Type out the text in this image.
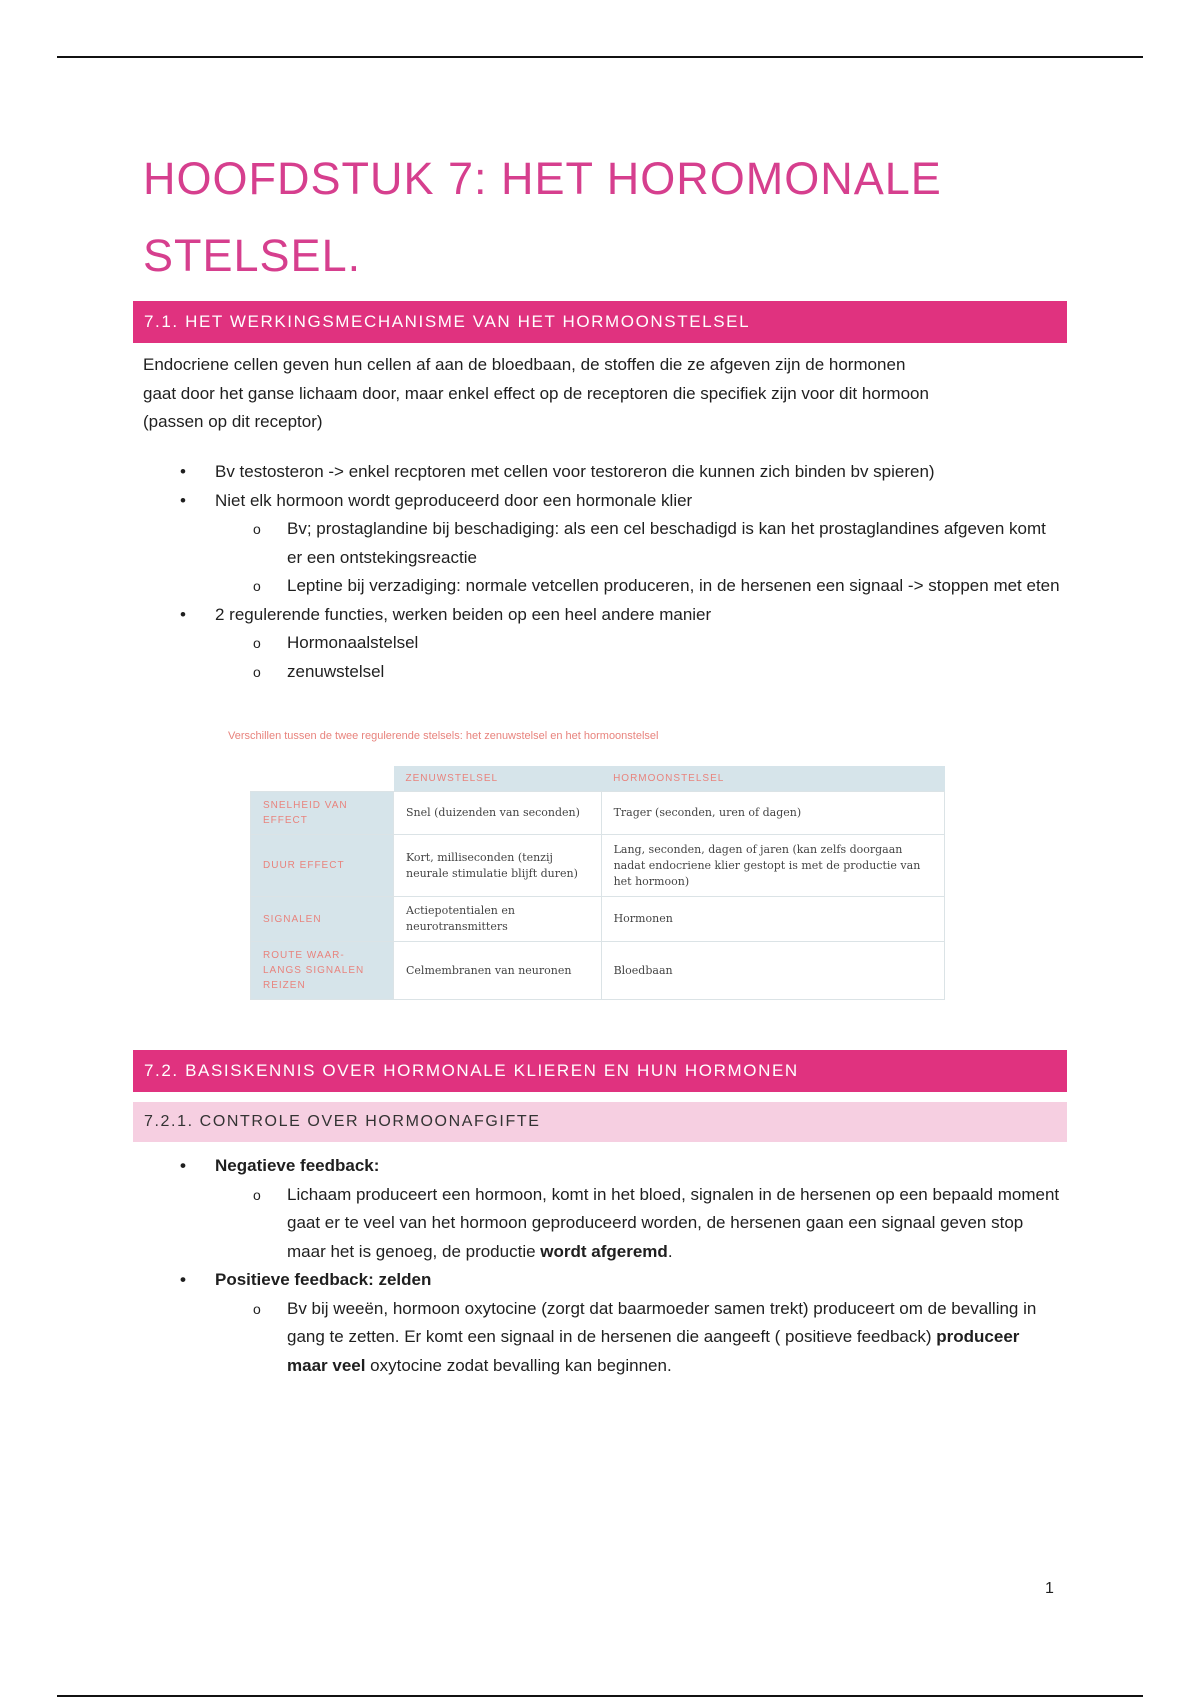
HOOFDSTUK 7: HET HOROMONALE STELSEL.
7.1. HET WERKINGSMECHANISME VAN HET HORMOONSTELSEL

Endocriene cellen geven hun cellen af aan de bloedbaan, de stoffen die ze afgeven zijn de hormonen
gaat door het ganse lichaam door, maar enkel effect op de receptoren die specifiek zijn voor dit hormoon
(passen op dit receptor)

• Bv testosteron -> enkel recptoren met cellen voor testoreron die kunnen zich binden bv spieren)
• Niet elk hormoon wordt geproduceerd door een hormonale klier
o Bv; prostaglandine bij beschadiging: als een cel beschadigd is kan het prostaglandines afgeven komt er een ontstekingsreactie
o Leptine bij verzadiging: normale vetcellen produceren, in de hersenen een signaal -> stoppen met eten
• 2 regulerende functies, werken beiden op een heel andere manier
o Hormonaalstelsel
o zenuwstelsel
Verschillen tussen de twee regulerende stelsels: het zenuwstelsel en het hormoonstelsel
	ZENUWSTELSEL	HORMOONSTELSEL
SNELHEID VAN EFFECT	Snel (duizenden van seconden)	Trager (seconden, uren of dagen)
DUUR EFFECT	Kort, milliseconden (tenzij neurale stimulatie blijft duren)	Lang, seconden, dagen of jaren (kan zelfs doorgaan nadat endocriene klier gestopt is met de productie van het hormoon)
SIGNALEN	Actiepotentialen en neurotransmitters	Hormonen
ROUTE WAAR-LANGS SIGNALEN REIZEN	Celmembranen van neuronen	Bloedbaan
7.2. BASISKENNIS OVER HORMONALE KLIEREN EN HUN HORMONEN
7.2.1. CONTROLE OVER HORMOONAFGIFTE
• Negatieve feedback:
o Lichaam produceert een hormoon, komt in het bloed, signalen in de hersenen op een bepaald moment gaat er te veel van het hormoon geproduceerd worden, de hersenen gaan een signaal geven stop maar het is genoeg, de productie wordt afgeremd.
• Positieve feedback: zelden
o Bv bij weeën, hormoon oxytocine (zorgt dat baarmoeder samen trekt) produceert om de bevalling in gang te zetten. Er komt een signaal in de hersenen die aangeeft ( positieve feedback) produceer maar veel oxytocine zodat bevalling kan beginnen.
1
